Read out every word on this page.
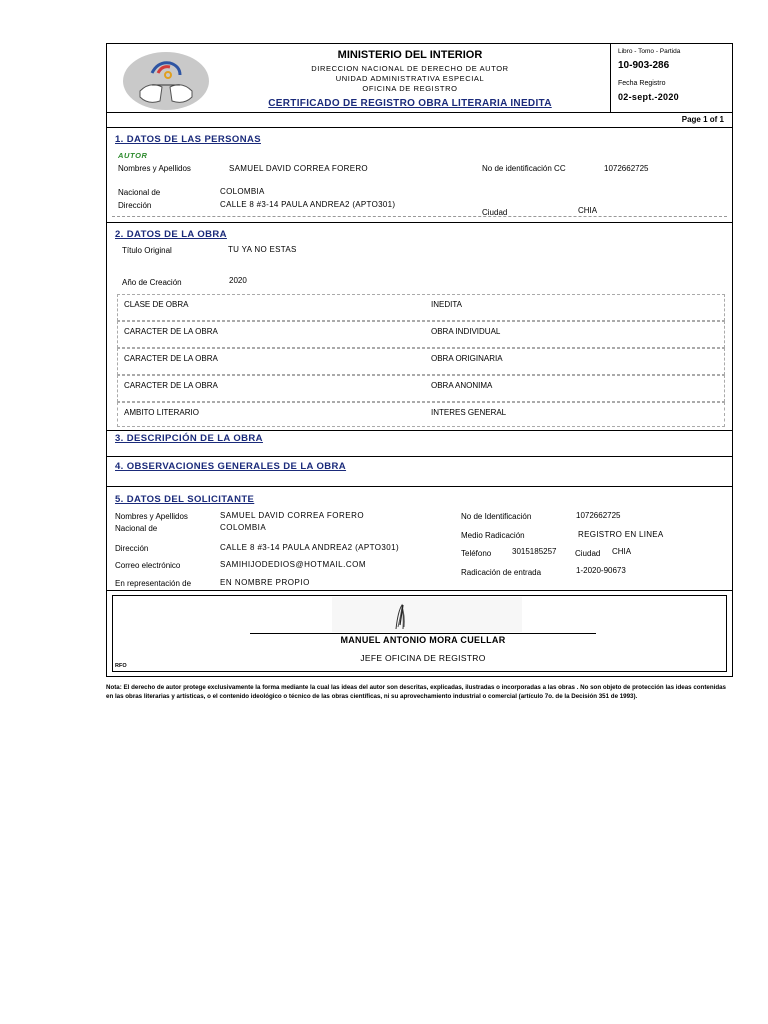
MINISTERIO DEL INTERIOR
DIRECCION NACIONAL DE DERECHO DE AUTOR
UNIDAD ADMINISTRATIVA ESPECIAL
OFICINA DE REGISTRO
CERTIFICADO DE REGISTRO OBRA LITERARIA INEDITA
Libro - Tomo - Partida
10-903-286
Fecha Registro
02-sept.-2020
Page 1 of 1
1. DATOS DE LAS PERSONAS
AUTOR
Nombres y Apellidos	SAMUEL DAVID CORREA FORERO	No de identificación CC	1072662725
Nacional de	COLOMBIA
Dirección	CALLE 8 #3-14 PAULA ANDREA2 (APTO301)
Ciudad	CHIA
2. DATOS DE LA OBRA
Título Original	TU YA NO ESTAS
Año de Creación	2020
CLASE DE OBRA	INEDITA
CARACTER DE LA OBRA	OBRA INDIVIDUAL
CARACTER DE LA OBRA	OBRA ORIGINARIA
CARACTER DE LA OBRA	OBRA ANONIMA
AMBITO LITERARIO	INTERES GENERAL
3. DESCRIPCIÓN DE LA OBRA
4. OBSERVACIONES GENERALES DE LA OBRA
5. DATOS DEL SOLICITANTE
Nombres y Apellidos	SAMUEL DAVID CORREA FORERO
Nacional de	COLOMBIA
Dirección	CALLE 8 #3-14 PAULA ANDREA2 (APTO301)
Correo electrónico	SAMIHIJODEDIOS@HOTMAIL.COM
En representación de	EN NOMBRE PROPIO
No de Identificación	1072662725
Medio Radicación	REGISTRO EN LINEA
Teléfono	3015185257 Ciudad CHIA
Radicación de entrada	1-2020-90673
MANUEL ANTONIO MORA CUELLAR
JEFE OFICINA DE REGISTRO
RFO
Nota: El derecho de autor protege exclusivamente la forma mediante la cual las ideas del autor son descritas, explicadas, ilustradas o incorporadas a las obras . No son objeto de protección las ideas contenidas en las obras literarias y artísticas, o el contenido ideológico o técnico de las obras científicas, ni su aprovechamiento industrial o comercial (artículo 7o. de la Decisión 351 de 1993).
